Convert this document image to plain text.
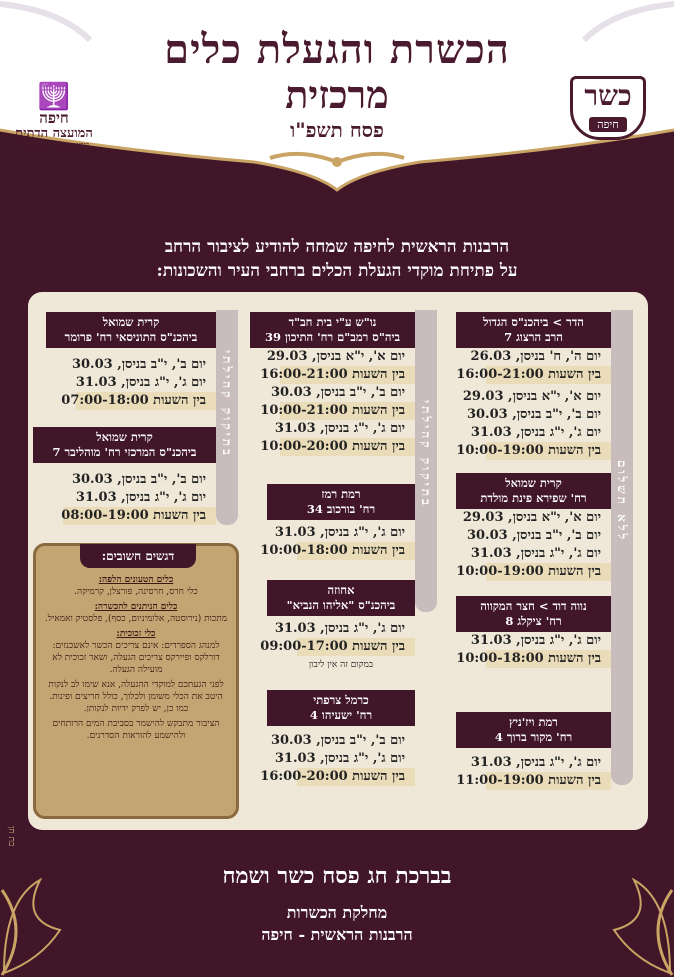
הכשרת והגעלת כלים
מרכזית
פסח תשפ"ו
כשר
חיפה
🕎
חיפה
המועצה הדתית
מורשת. חיבור. התחדשות.
הרבנות הראשית לחיפה שמחה להודיע לציבור הרחב
על פתיחת מוקדי הגעלת הכלים ברחבי העיר והשכונות:
ללא תשלום
בתיקוק קהילתי
בתיקוק קהילתי
הדר > ביהכנ"ס הגדול
הרב הרצוג 7
יום ה', ח' בניסן, 26.03
בין השעות 16:00-21:00
יום א', י"א בניסן, 29.03
יום ב', י"ב בניסן, 30.03
יום ג', י"ג בניסן, 31.03
בין השעות 10:00-19:00
קרית שמואל
רח' שפירא פינת מולדת
יום א', י"א בניסן, 29.03
יום ב', י"ב בניסן, 30.03
יום ג', י"ג בניסן, 31.03
בין השעות 10:00-19:00
נווה דוד > חצר המקווה
רח' ציקלג 8
יום ג', י"ג בניסן, 31.03
בין השעות 10:00-18:00
רמת ויז'ניץ
רח' מקור ברוך 4
יום ג', י"ג בניסן, 31.03
בין השעות 11:00-19:00
נו"ש ע"י בית חב"ד
ביה"ס רמב"ם רח' התיכון 39
יום א', י"א בניסן, 29.03
בין השעות 16:00-21:00
יום ב', י"ב בניסן, 30.03
בין השעות 10:00-21:00
יום ג', י"ג בניסן, 31.03
בין השעות 10:00-20:00
רמת רמז
רח' בורכוב 34
יום ג', י"ג בניסן, 31.03
בין השעות 10:00-18:00
אחוזה
ביהכנ"ס "אליהו הנביא"
יום ג', י"ג בניסן, 31.03
בין השעות 09:00-17:00
במקום זה אין ליבון
כרמל צרפתי
רח' ישעיהו 4
יום ב', י"ב בניסן, 30.03
יום ג', י"ג בניסן, 31.03
בין השעות 16:00-20:00
קרית שמואל
ביהכנ"ס התוניסאי רח' פרומר
יום ב', י"ב בניסן, 30.03
יום ג', י"ג בניסן, 31.03
בין השעות 07:00-18:00
קרית שמואל
ביהכנ"ס המרכזי רח' מוהליבר 7
יום ב', י"ב בניסן, 30.03
יום ג', י"ג בניסן, 31.03
בין השעות 08:00-19:00
דגשים חשובים:

כלים הטעונים הלפה:
כלי חרס, חרסינה, פורצלן, קרמיקה.

כלים הניתנים להכשרה:
מתכות (נירוסטה, אלומיניום, כסף), פלסטיק ואמאיל.

כלי זכוכית:
למנהג הספרדים: אינם צריכים הכשר לאשכנזים: דורלקס ופיירקס צריכים הגעלה, ושאר זכוכית לא מועילה הגעלה.

לפני הגעתכם למוקדי ההגעלה, אנא שימו לב לנקות היטב את הכלי משומן ולכלוך, כולל חריצים ופינות. כמו כן, יש לפרק ידיות לנקותן.

הציבור מתבקש להישמר בסביבת המים הרותחים ולהישמע להוראות הסדרנים.

בת חן
בברכת חג פסח כשר ושמח
מחלקת הכשרות
הרבנות הראשית - חיפה
